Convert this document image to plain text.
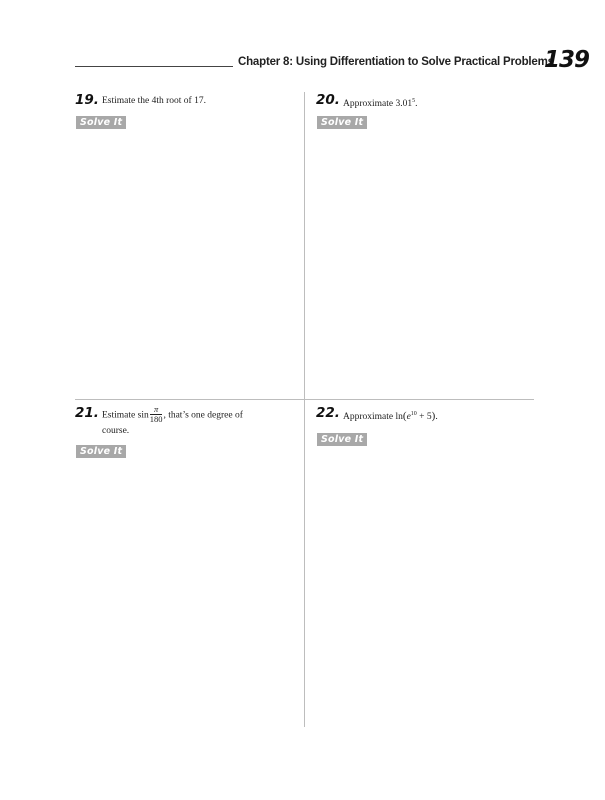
Chapter 8: Using Differentiation to Solve Practical Problems
139
19. Estimate the 4th root of 17.
Solve It
20. Approximate 3.01$^5$.
Solve It
21. Estimate $\sin \frac{\pi}{180}$ , that’s one degree of
course.
Solve It
22. Approximate $\ln(e^{10} + 5)$.
Solve It
